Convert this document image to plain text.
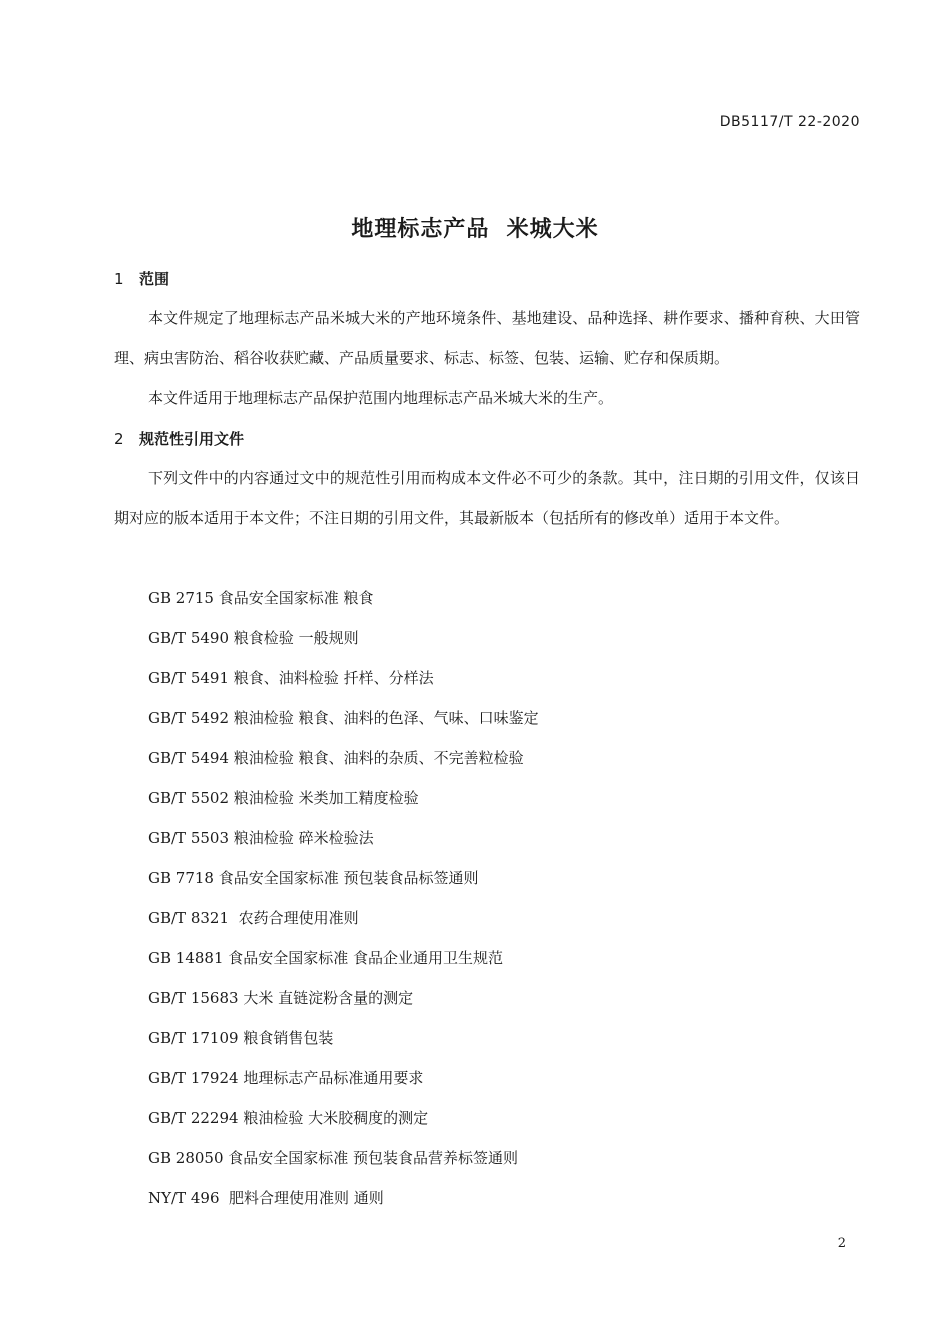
DB5117/T 22-2020
地理标志产品  米城大米
1 范围

本文件规定了地理标志产品米城大米的产地环境条件、基地建设、品种选择、耕作要求、播种育秧、大田管理、病虫害防治、稻谷收获贮藏、产品质量要求、标志、标签、包装、运输、贮存和保质期。

本文件适用于地理标志产品保护范围内地理标志产品米城大米的生产。

2 规范性引用文件

下列文件中的内容通过文中的规范性引用而构成本文件必不可少的条款。其中，注日期的引用文件，仅该日期对应的版本适用于本文件；不注日期的引用文件，其最新版本（包括所有的修改单）适用于本文件。

GB 2715 食品安全国家标准 粮食
GB/T 5490 粮食检验 一般规则
GB/T 5491 粮食、油料检验 扦样、分样法
GB/T 5492 粮油检验 粮食、油料的色泽、气味、口味鉴定
GB/T 5494 粮油检验 粮食、油料的杂质、不完善粒检验
GB/T 5502 粮油检验 米类加工精度检验
GB/T 5503 粮油检验 碎米检验法
GB 7718 食品安全国家标准 预包装食品标签通则
GB/T 8321  农药合理使用准则
GB 14881 食品安全国家标准 食品企业通用卫生规范
GB/T 15683 大米 直链淀粉含量的测定
GB/T 17109 粮食销售包装
GB/T 17924 地理标志产品标准通用要求
GB/T 22294 粮油检验 大米胶稠度的测定
GB 28050 食品安全国家标准 预包装食品营养标签通则
NY/T 496  肥料合理使用准则 通则
2
